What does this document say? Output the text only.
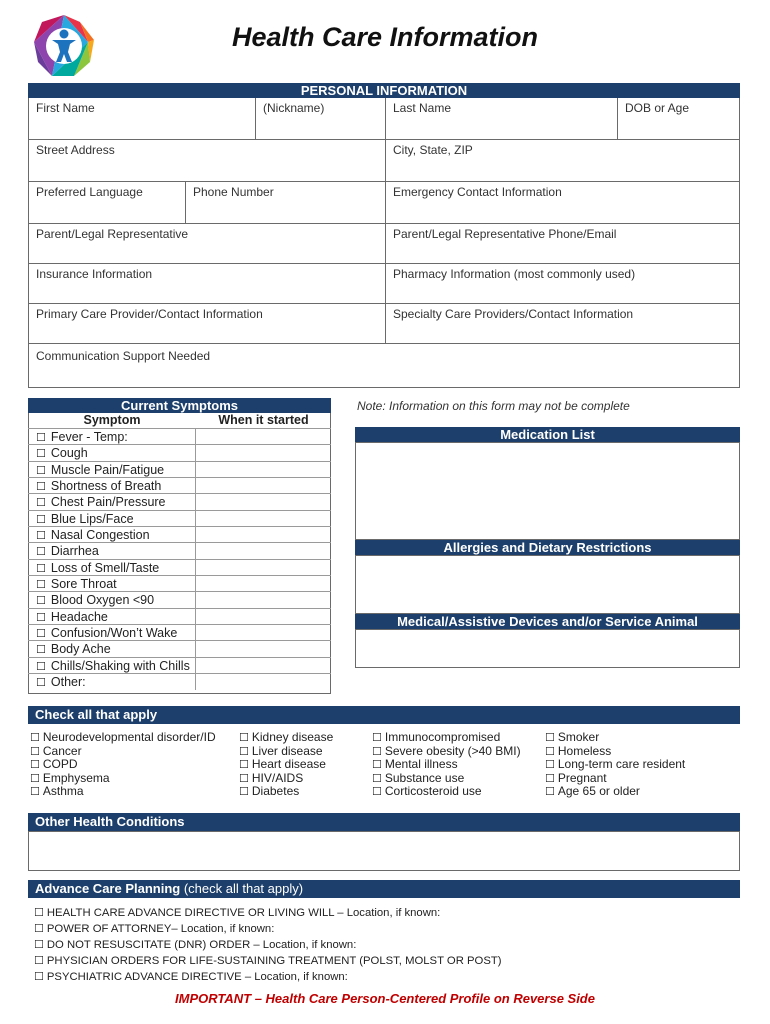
Health Care Information
PERSONAL INFORMATION
First Name	(Nickname)	Last Name	DOB or Age
Street Address	City, State, ZIP
Preferred Language	Phone Number	Emergency Contact Information
Parent/Legal Representative	Parent/Legal Representative Phone/Email
Insurance Information	Pharmacy Information (most commonly used)
Primary Care Provider/Contact Information	Specialty Care Providers/Contact Information
Communication Support Needed
Current Symptoms
Symptom	When it started
☐ Fever - Temp:
☐ Cough
☐ Muscle Pain/Fatigue
☐ Shortness of Breath
☐ Chest Pain/Pressure
☐ Blue Lips/Face
☐ Nasal Congestion
☐ Diarrhea
☐ Loss of Smell/Taste
☐ Sore Throat
☐ Blood Oxygen <90
☐ Headache
☐ Confusion/Won’t Wake
☐ Body Ache
☐ Chills/Shaking with Chills
☐ Other:
Note: Information on this form may not be complete
Medication List
Allergies and Dietary Restrictions
Medical/Assistive Devices and/or Service Animal
Check all that apply
☐ Neurodevelopmental disorder/ID
☐ Cancer
☐ COPD
☐ Emphysema
☐ Asthma
☐ Kidney disease
☐ Liver disease
☐ Heart disease
☐ HIV/AIDS
☐ Diabetes
☐ Immunocompromised
☐ Severe obesity (>40 BMI)
☐ Mental illness
☐ Substance use
☐ Corticosteroid use
☐ Smoker
☐ Homeless
☐ Long-term care resident
☐ Pregnant
☐ Age 65 or older
Other Health Conditions
Advance Care Planning (check all that apply)
☐ HEALTH CARE ADVANCE DIRECTIVE OR LIVING WILL – Location, if known:
☐ POWER OF ATTORNEY– Location, if known:
☐ DO NOT RESUSCITATE (DNR) ORDER – Location, if known:
☐ PHYSICIAN ORDERS FOR LIFE-SUSTAINING TREATMENT (POLST, MOLST OR POST)
☐ PSYCHIATRIC ADVANCE DIRECTIVE – Location, if known:
IMPORTANT – Health Care Person-Centered Profile on Reverse Side
